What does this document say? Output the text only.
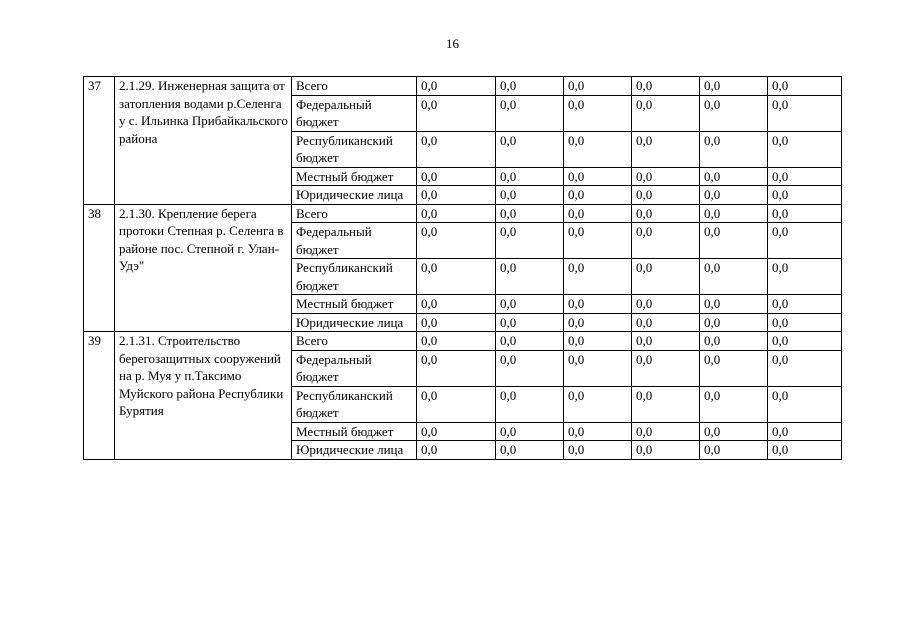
16
37	2.1.29. Инженерная защита от затопления водами р.Селенга у с. Ильинка Прибайкальского района	Всего	0,0	0,0	0,0	0,0	0,0	0,0
		Федеральный бюджет	0,0	0,0	0,0	0,0	0,0	0,0
		Республиканский бюджет	0,0	0,0	0,0	0,0	0,0	0,0
		Местный бюджет	0,0	0,0	0,0	0,0	0,0	0,0
		Юридические лица	0,0	0,0	0,0	0,0	0,0	0,0
38	2.1.30. Крепление берега протоки Степная р. Селенга в районе пос. Степной г. Улан-Удэ"	Всего	0,0	0,0	0,0	0,0	0,0	0,0
		Федеральный бюджет	0,0	0,0	0,0	0,0	0,0	0,0
		Республиканский бюджет	0,0	0,0	0,0	0,0	0,0	0,0
		Местный бюджет	0,0	0,0	0,0	0,0	0,0	0,0
		Юридические лица	0,0	0,0	0,0	0,0	0,0	0,0
39	2.1.31. Строительство берегозащитных сооружений на р. Муя у п.Таксимо Муйского района Республики Бурятия	Всего	0,0	0,0	0,0	0,0	0,0	0,0
		Федеральный бюджет	0,0	0,0	0,0	0,0	0,0	0,0
		Республиканский бюджет	0,0	0,0	0,0	0,0	0,0	0,0
		Местный бюджет	0,0	0,0	0,0	0,0	0,0	0,0
		Юридические лица	0,0	0,0	0,0	0,0	0,0	0,0
